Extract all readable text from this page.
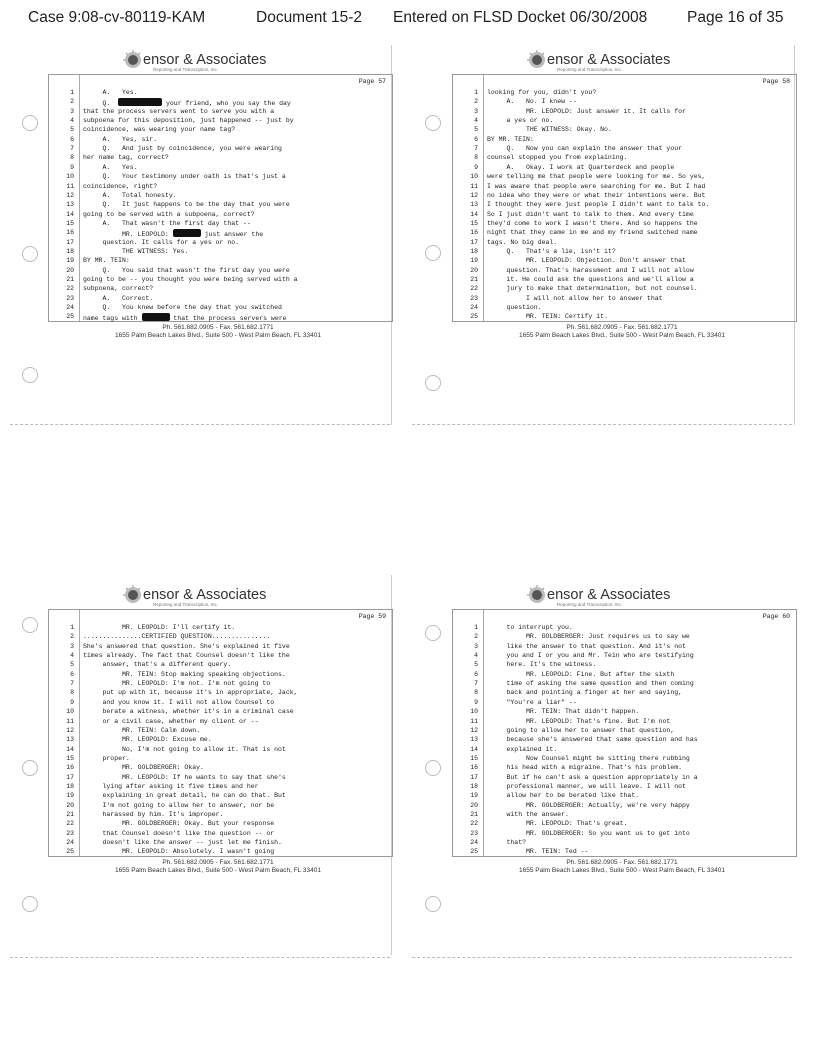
Case 9:08-cv-80119-KAM	Document 15-2 Entered on FLSD Docket 06/30/2008	Page 16 of 35
ensor & Associates
Reporting and Transcription, Inc.
Page 57
1 A.   Yes.
2 Q.	your friend, who you say the day
3 that the process servers went to serve you with a
4 subpoena for this deposition, just happened -- just by
5 coincidence, was wearing your name tag?
6 A.   Yes, sir.
7 Q.   And just by coincidence, you were wearing
8 her name tag, correct?
9 A.   Yes.
10 Q.   Your testimony under oath is that's just a
11 coincidence, right?
12 A.   Total honesty.
13 Q.   It just happens to be the day that you were
14 going to be served with a subpoena, correct?
15 A.   That wasn't the first day that --
16 MR. LEOPOLD:	just answer the
17 question. It calls for a yes or no.
18 THE WITNESS: Yes.
19 BY MR. TEIN:
20 Q.   You said that wasn't the first day you were
21 going to be -- you thought you were being served with a
22 subpoena, correct?
23 A.   Correct.
24 Q.   You knew before the day that you switched
25 name tags with	that the process servers were
Ph. 561.682.0905 - Fax. 561.682.1771
1655 Palm Beach Lakes Blvd., Suite 500 - West Palm Beach, FL 33401
ensor & Associates
Reporting and Transcription, Inc.
Page 58
1 looking for you, didn't you?
2 A.   No. I knew --
3 MR. LEOPOLD: Just answer it. It calls for
4 a yes or no.
5 THE WITNESS: Okay. No.
6 BY MR. TEIN:
7 Q.   Now you can explain the answer that your
8 counsel stopped you from explaining.
9 A.   Okay. I work at Quarterdeck and people
10 were telling me that people were looking for me. So yes,
11 I was aware that people were searching for me. But I had
12 no idea who they were or what their intentions were. But
13 I thought they were just people I didn't want to talk to.
14 So I just didn't want to talk to them. And every time
15 they'd come to work I wasn't there. And so happens the
16 night that they came in me and my friend switched name
17 tags. No big deal.
18 Q.   That's a lie, isn't it?
19 MR. LEOPOLD: Objection. Don't answer that
20 question. That's harassment and I will not allow
21 it. He could ask the questions and we'll allow a
22 jury to make that determination, but not counsel.
23 I will not allow her to answer that
24 question.
25 MR. TEIN: Certify it.
Ph. 561.682.0905 - Fax. 561.682.1771
1655 Palm Beach Lakes Blvd., Suite 500 - West Palm Beach, FL 33401
ensor & Associates
Reporting and Transcription, Inc.
Page 59
1 MR. LEOPOLD: I'll certify it.
2 ...............CERTIFIED QUESTION...............
3 She's answered that question. She's explained it five
4 times already. The fact that Counsel doesn't like the
5 answer, that's a different query.
6 MR. TEIN: Stop making speaking objections.
7 MR. LEOPOLD: I'm not. I'm not going to
8 put up with it, because it's in appropriate, Jack,
9 and you know it. I will not allow Counsel to
10 berate a witness, whether it's in a criminal case
11 or a civil case, whether my client or --
12 MR. TEIN: Calm down.
13 MR. LEOPOLD: Excuse me.
14 No, I'm not going to allow it. That is not
15 proper.
16 MR. GOLDBERGER: Okay.
17 MR. LEOPOLD: If he wants to say that she's
18 lying after asking it five times and her
19 explaining in great detail, he can do that. But
20 I'm not going to allow her to answer, nor be
21 harassed by him. It's improper.
22 MR. GOLDBERGER: Okay. But your response
23 that Counsel doesn't like the question -- or
24 doesn't like the answer -- just let me finish.
25 MR. LEOPOLD: Absolutely. I wasn't going
Ph. 561.682.0905 - Fax. 561.682.1771
1655 Palm Beach Lakes Blvd., Suite 500 - West Palm Beach, FL 33401
ensor & Associates
Reporting and Transcription, Inc.
Page 60
1 to interrupt you.
2 MR. GOLDBERGER: Just requires us to say we
3 like the answer to that question. And it's not
4 you and I or you and Mr. Tein who are testifying
5 here. It's the witness.
6 MR. LEOPOLD: Fine. But after the sixth
7 time of asking the same question and then coming
8 back and pointing a finger at her and saying,
9 "You're a liar" --
10 MR. TEIN: That didn't happen.
11 MR. LEOPOLD: That's fine. But I'm not
12 going to allow her to answer that question,
13 because she's answered that same question and has
14 explained it.
15 Now Counsel might be sitting there rubbing
16 his head with a migraine. That's his problem.
17 But if he can't ask a question appropriately in a
18 professional manner, we will leave. I will not
19 allow her to be berated like that.
20 MR. GOLDBERGER: Actually, we're very happy
21 with the answer.
22 MR. LEOPOLD: That's great.
23 MR. GOLDBERGER: So you want us to get into
24 that?
25 MR. TEIN: Ted --
Ph. 561.682.0905 - Fax. 561.682.1771
1655 Palm Beach Lakes Blvd., Suite 500 - West Palm Beach, FL 33401
